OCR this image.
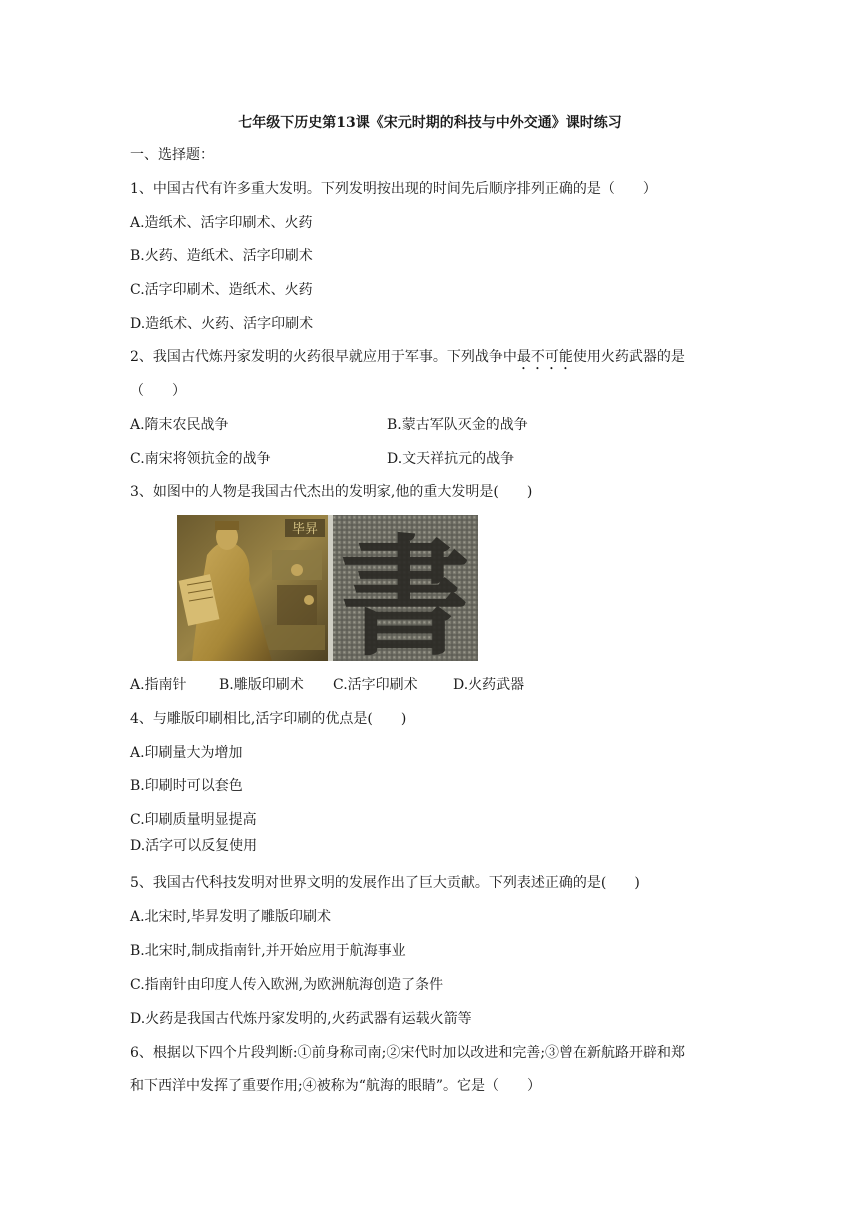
七年级下历史第13课《宋元时期的科技与中外交通》课时练习
一、选择题：
1、中国古代有许多重大发明。下列发明按出现的时间先后顺序排列正确的是（　　）
A.造纸术、活字印刷术、火药
B.火药、造纸术、活字印刷术
C.活字印刷术、造纸术、火药
D.造纸术、火药、活字印刷术
2、我国古代炼丹家发明的火药很早就应用于军事。下列战争中最不可能使用火药武器的是
（　　）
A.隋末农民战争	B.蒙古军队灭金的战争
C.南宋将领抗金的战争	D.文天祥抗元的战争
3、如图中的人物是我国古代杰出的发明家,他的重大发明是(　　)
毕昇 書
A.指南针 B.雕版印刷术 C.活字印刷术	D.火药武器
4、与雕版印刷相比,活字印刷的优点是(　　)
A.印刷量大为增加
B.印刷时可以套色
C.印刷质量明显提高
D.活字可以反复使用
5、我国古代科技发明对世界文明的发展作出了巨大贡献。下列表述正确的是(　　)
A.北宋时,毕昇发明了雕版印刷术
B.北宋时,制成指南针,并开始应用于航海事业
C.指南针由印度人传入欧洲,为欧洲航海创造了条件
D.火药是我国古代炼丹家发明的,火药武器有运载火箭等
6、根据以下四个片段判断:①前身称司南;②宋代时加以改进和完善;③曾在新航路开辟和郑
和下西洋中发挥了重要作用;④被称为“航海的眼睛”。它是（　　）
